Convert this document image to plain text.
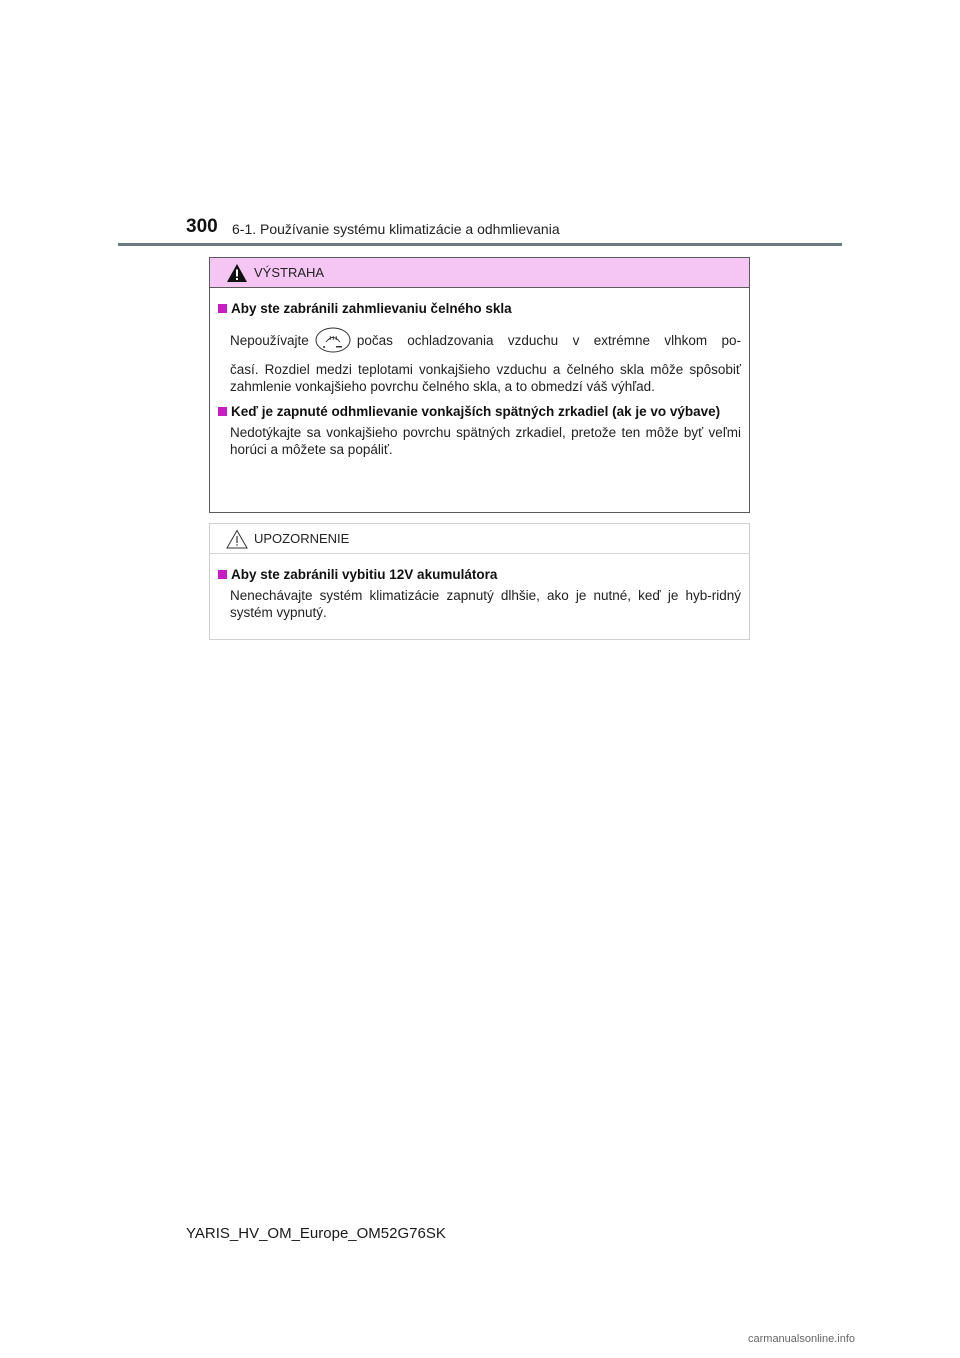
300 6-1. Používanie systému klimatizácie a odhmlievania
VÝSTRAHA
Aby ste zabránili zahmlievaniu čelného skla
Nepoužívajte	počas ochladzovania vzduchu v extrémne vlhkom po-
časí. Rozdiel medzi teplotami vonkajšieho vzduchu a čelného skla môže spôsobiť zahmlenie vonkajšieho povrchu čelného skla, a to obmedzí váš výhľad.
Keď je zapnuté odhmlievanie vonkajších spätných zrkadiel (ak je vo výbave)
Nedotýkajte sa vonkajšieho povrchu spätných zrkadiel, pretože ten môže byť veľmi horúci a môžete sa popáliť.
UPOZORNENIE
Aby ste zabránili vybitiu 12V akumulátora
Nenechávajte systém klimatizácie zapnutý dlhšie, ako je nutné, keď je hyb-ridný systém vypnutý.
YARIS_HV_OM_Europe_OM52G76SK
carmanualsonline.info
